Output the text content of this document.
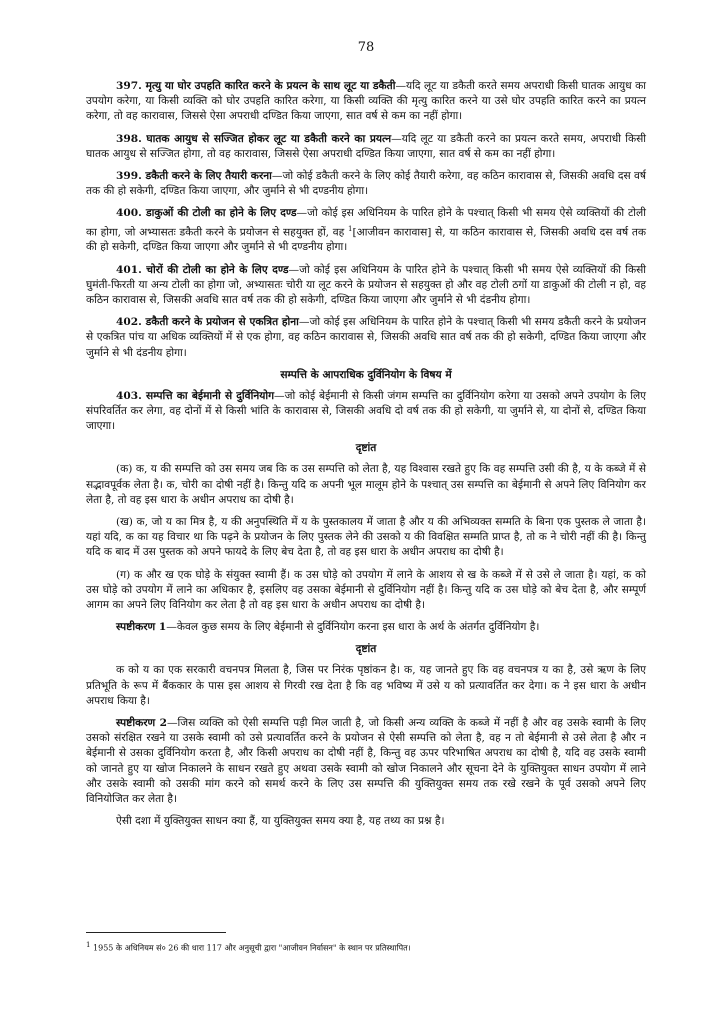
78

397. मृत्यु या घोर उपहति कारित करने के प्रयत्न के साथ लूट या डकैती—यदि लूट या डकैती करते समय अपराधी किसी घातक आयुध का उपयोग करेगा, या किसी व्यक्ति को घोर उपहति कारित करेगा, या किसी व्यक्ति की मृत्यु कारित करने या उसे घोर उपहति कारित करने का प्रयत्न करेगा, तो वह कारावास, जिससे ऐसा अपराधी दण्डित किया जाएगा, सात वर्ष से कम का नहीं होगा।

398. घातक आयुध से सज्जित होकर लूट या डकैती करने का प्रयत्न—यदि लूट या डकैती करने का प्रयत्न करते समय, अपराधी किसी घातक आयुध से सज्जित होगा, तो वह कारावास, जिससे ऐसा अपराधी दण्डित किया जाएगा, सात वर्ष से कम का नहीं होगा।

399. डकैती करने के लिए तैयारी करना—जो कोई डकैती करने के लिए कोई तैयारी करेगा, वह कठिन कारावास से, जिसकी अवधि दस वर्ष तक की हो सकेगी, दण्डित किया जाएगा, और जुर्माने से भी दण्डनीय होगा।

400. डाकुओं की टोली का होने के लिए दण्ड—जो कोई इस अधिनियम के पारित होने के पश्चात् किसी भी समय ऐसे व्यक्तियों की टोली का होगा, जो अभ्यासतः डकैती करने के प्रयोजन से सहयुक्त हों, वह $^1$[आजीवन कारावास] से, या कठिन कारावास से, जिसकी अवधि दस वर्ष तक की हो सकेगी, दण्डित किया जाएगा और जुर्माने से भी दण्डनीय होगा।

401. चोरों की टोली का होने के लिए दण्ड—जो कोई इस अधिनियम के पारित होने के पश्चात् किसी भी समय ऐसे व्यक्तियों की किसी घुमंती-फिरती या अन्य टोली का होगा जो, अभ्यासतः चोरी या लूट करने के प्रयोजन से सहयुक्त हो और वह टोली ठगों या डाकुओं की टोली न हो, वह कठिन कारावास से, जिसकी अवधि सात वर्ष तक की हो सकेगी, दण्डित किया जाएगा और जुर्माने से भी दंडनीय होगा।

402. डकैती करने के प्रयोजन से एकत्रित होना—जो कोई इस अधिनियम के पारित होने के पश्चात् किसी भी समय डकैती करने के प्रयोजन से एकत्रित पांच या अधिक व्यक्तियों में से एक होगा, वह कठिन कारावास से, जिसकी अवधि सात वर्ष तक की हो सकेगी, दण्डित किया जाएगा और जुर्माने से भी दंडनीय होगा।

सम्पत्ति के आपराधिक दुर्विनियोग के विषय में

403. सम्पत्ति का बेईमानी से दुर्विनियोग—जो कोई बेईमानी से किसी जंगम सम्पत्ति का दुर्विनियोग करेगा या उसको अपने उपयोग के लिए संपरिवर्तित कर लेगा, वह दोनों में से किसी भांति के कारावास से, जिसकी अवधि दो वर्ष तक की हो सकेगी, या जुर्माने से, या दोनों से, दण्डित किया जाएगा।

दृष्टांत

(क) क, य की सम्पत्ति को उस समय जब कि क उस सम्पत्ति को लेता है, यह विश्वास रखते हुए कि वह सम्पत्ति उसी की है, य के कब्जे में से सद्भावपूर्वक लेता है। क, चोरी का दोषी नहीं है। किन्तु यदि क अपनी भूल मालूम होने के पश्चात् उस सम्पत्ति का बेईमानी से अपने लिए विनियोग कर लेता है, तो वह इस धारा के अधीन अपराध का दोषी है।

(ख) क, जो य का मित्र है, य की अनुपस्थिति में य के पुस्तकालय में जाता है और य की अभिव्यक्त सम्मति के बिना एक पुस्तक ले जाता है। यहां यदि, क का यह विचार था कि पढ़ने के प्रयोजन के लिए पुस्तक लेने की उसको य की विवक्षित सम्मति प्राप्त है, तो क ने चोरी नहीं की है। किन्तु यदि क बाद में उस पुस्तक को अपने फायदे के लिए बेच देता है, तो वह इस धारा के अधीन अपराध का दोषी है।

(ग) क और ख एक घोड़े के संयुक्त स्वामी हैं। क उस घोड़े को उपयोग में लाने के आशय से ख के कब्जे में से उसे ले जाता है। यहां, क को उस घोड़े को उपयोग में लाने का अधिकार है, इसलिए वह उसका बेईमानी से दुर्विनियोग नहीं है। किन्तु यदि क उस घोड़े को बेच देता है, और सम्पूर्ण आगम का अपने लिए विनियोग कर लेता है तो वह इस धारा के अधीन अपराध का दोषी है।

स्पष्टीकरण 1—केवल कुछ समय के लिए बेईमानी से दुर्विनियोग करना इस धारा के अर्थ के अंतर्गत दुर्विनियोग है।

दृष्टांत

क को य का एक सरकारी वचनपत्र मिलता है, जिस पर निरंक पृष्ठांकन है। क, यह जानते हुए कि वह वचनपत्र य का है, उसे ऋण के लिए प्रतिभूति के रूप में बैंककार के पास इस आशय से गिरवी रख देता है कि वह भविष्य में उसे य को प्रत्यावर्तित कर देगा। क ने इस धारा के अधीन अपराध किया है।

स्पष्टीकरण 2—जिस व्यक्ति को ऐसी सम्पत्ति पड़ी मिल जाती है, जो किसी अन्य व्यक्ति के कब्जे में नहीं है और वह उसके स्वामी के लिए उसको संरक्षित रखने या उसके स्वामी को उसे प्रत्यावर्तित करने के प्रयोजन से ऐसी सम्पत्ति को लेता है, वह न तो बेईमानी से उसे लेता है और न बेईमानी से उसका दुर्विनियोग करता है, और किसी अपराध का दोषी नहीं है, किन्तु वह ऊपर परिभाषित अपराध का दोषी है, यदि वह उसके स्वामी को जानते हुए या खोज निकालने के साधन रखते हुए अथवा उसके स्वामी को खोज निकालने और सूचना देने के युक्तियुक्त साधन उपयोग में लाने और उसके स्वामी को उसकी मांग करने को समर्थ करने के लिए उस सम्पत्ति की युक्तियुक्त समय तक रखे रखने के पूर्व उसको अपने लिए विनियोजित कर लेता है।

ऐसी दशा में युक्तियुक्त साधन क्या हैं, या युक्तियुक्त समय क्या है, यह तथ्य का प्रश्न है।

1 1955 के अधिनियम सं० 26 की धारा 117 और अनुसूची द्वारा "आजीवन निर्वासन" के स्थान पर प्रतिस्थापित।
